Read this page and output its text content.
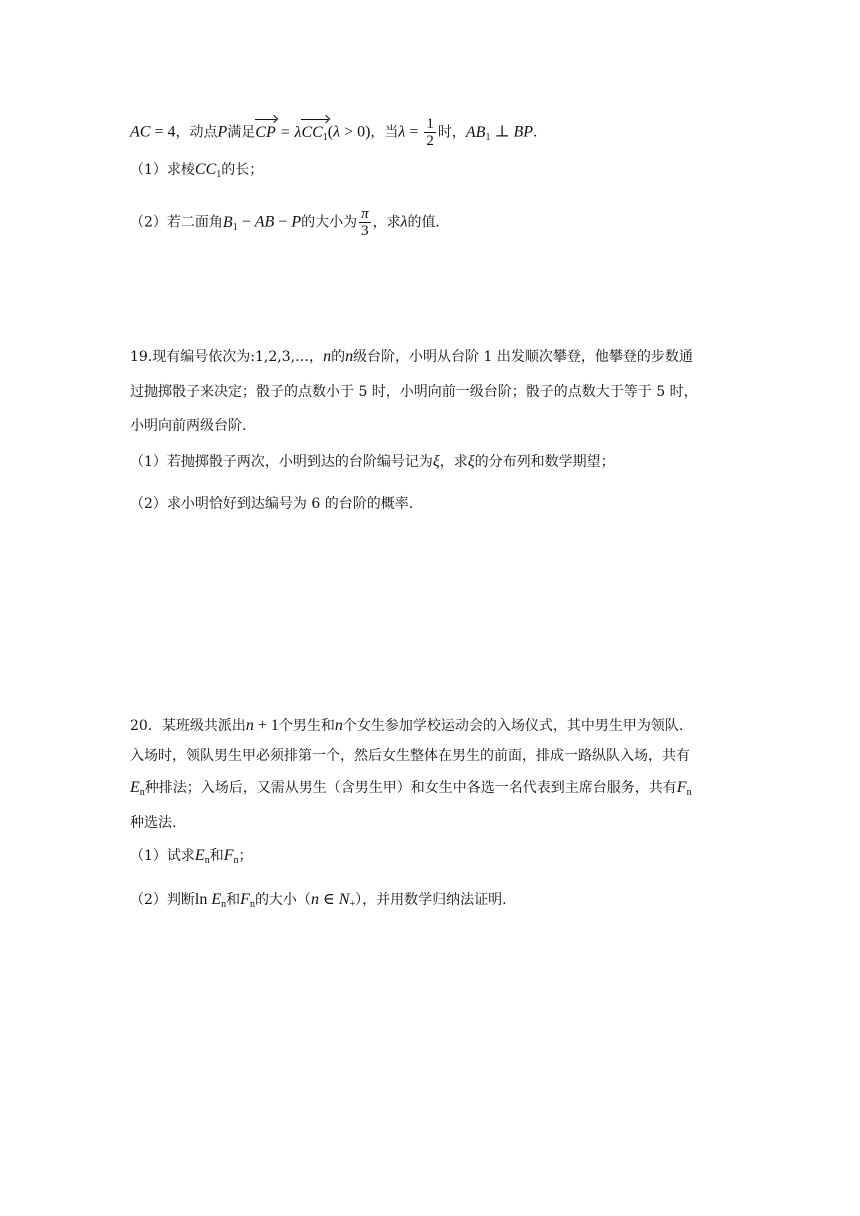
AC = 4，动点P满足CP = λCC$_1$(λ > 0)，当$\lambda = \frac{1}{2}$ 时，$AB_1$ ⊥ BP.
（1）求棱$CC_1$的长；
（2）若二面角$B_1$ − AB − P的大小为 $\frac{\pi}{3}$ ，求λ的值.
19.现有编号依次为:1,2,3,…，n的n级台阶，小明从台阶 1 出发顺次攀登，他攀登的步数通
过抛掷骰子来决定；骰子的点数小于 5 时，小明向前一级台阶；骰子的点数大于等于 5 时，
小明向前两级台阶.
（1）若抛掷骰子两次，小明到达的台阶编号记为ξ，求ξ的分布列和数学期望；
（2）求小明恰好到达编号为 6 的台阶的概率.
20．某班级共派出n + 1个男生和n个女生参加学校运动会的入场仪式，其中男生甲为领队.
入场时，领队男生甲必须排第一个，然后女生整体在男生的前面，排成一路纵队入场，共有
$E_n$种排法；入场后，又需从男生（含男生甲）和女生中各选一名代表到主席台服务，共有$F_n$
种选法.
（1）试求$E_n$和$F_n$；
（2）判断$\ln E_n$和$F_n$的大小（n ∈ $N_+$），并用数学归纳法证明.
